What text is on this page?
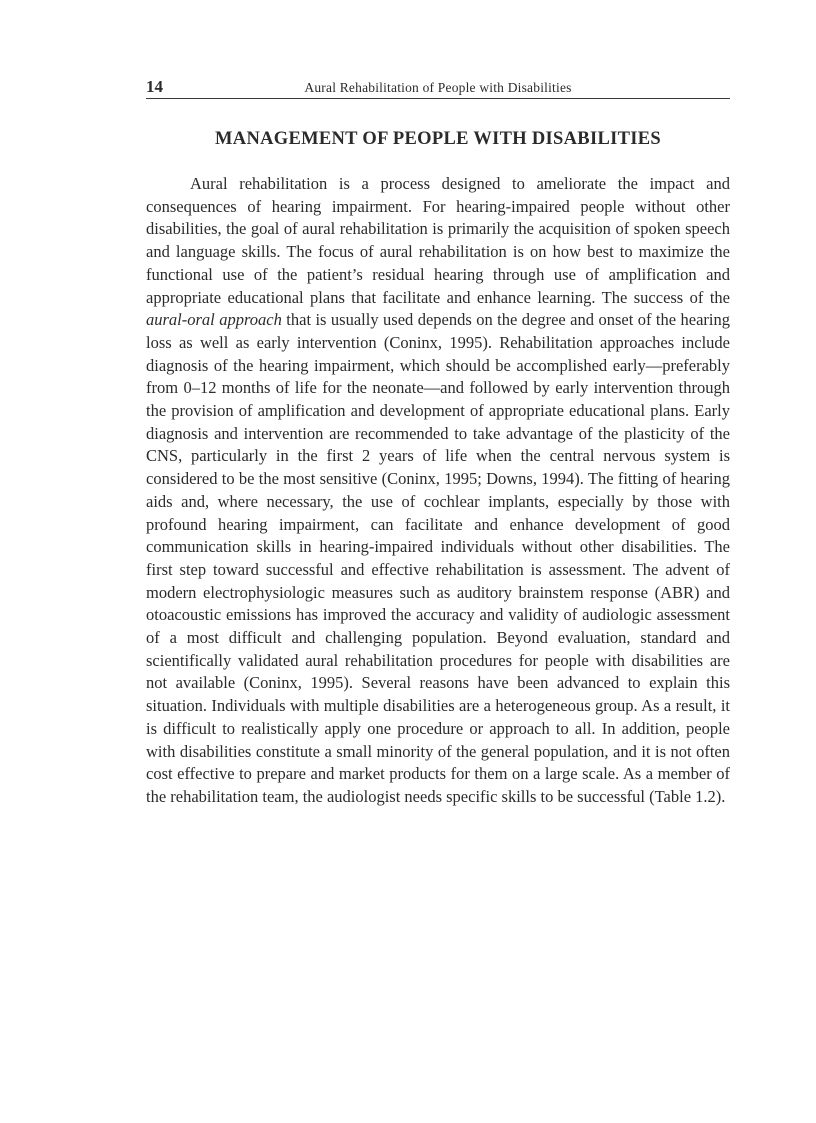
14	Aural Rehabilitation of People with Disabilities
MANAGEMENT OF PEOPLE WITH DISABILITIES

Aural rehabilitation is a process designed to ameliorate the impact and consequences of hearing impairment. For hearing-impaired people without other disabilities, the goal of aural rehabilitation is primarily the acquisition of spoken speech and language skills. The focus of aural rehabilitation is on how best to maximize the functional use of the patient’s residual hearing through use of amplification and appropriate educational plans that facilitate and enhance learning. The success of the aural-oral approach that is usually used depends on the degree and onset of the hearing loss as well as early intervention (Coninx, 1995). Rehabilitation approaches include diagnosis of the hearing impairment, which should be accomplished early—preferably from 0–12 months of life for the neonate—and followed by early intervention through the provision of amplification and development of appropriate educational plans. Early diagnosis and intervention are recommended to take advantage of the plasticity of the CNS, particularly in the first 2 years of life when the central nervous system is considered to be the most sensitive (Coninx, 1995; Downs, 1994). The fitting of hearing aids and, where necessary, the use of cochlear implants, especially by those with profound hearing impairment, can facilitate and enhance development of good communication skills in hearing-impaired individuals without other disabilities. The first step toward successful and effective rehabilitation is assessment. The advent of modern electrophysiologic measures such as auditory brainstem response (ABR) and otoacoustic emissions has improved the accuracy and validity of audiologic assessment of a most difficult and challenging population. Beyond evaluation, standard and scientifically validated aural rehabilitation procedures for people with disabilities are not available (Coninx, 1995). Several reasons have been advanced to explain this situation. Individuals with multiple disabilities are a heterogeneous group. As a result, it is difficult to realistically apply one procedure or approach to all. In addition, people with disabilities constitute a small minority of the general population, and it is not often cost effective to prepare and market products for them on a large scale. As a member of the rehabilitation team, the audiologist needs specific skills to be successful (Table 1.2).
